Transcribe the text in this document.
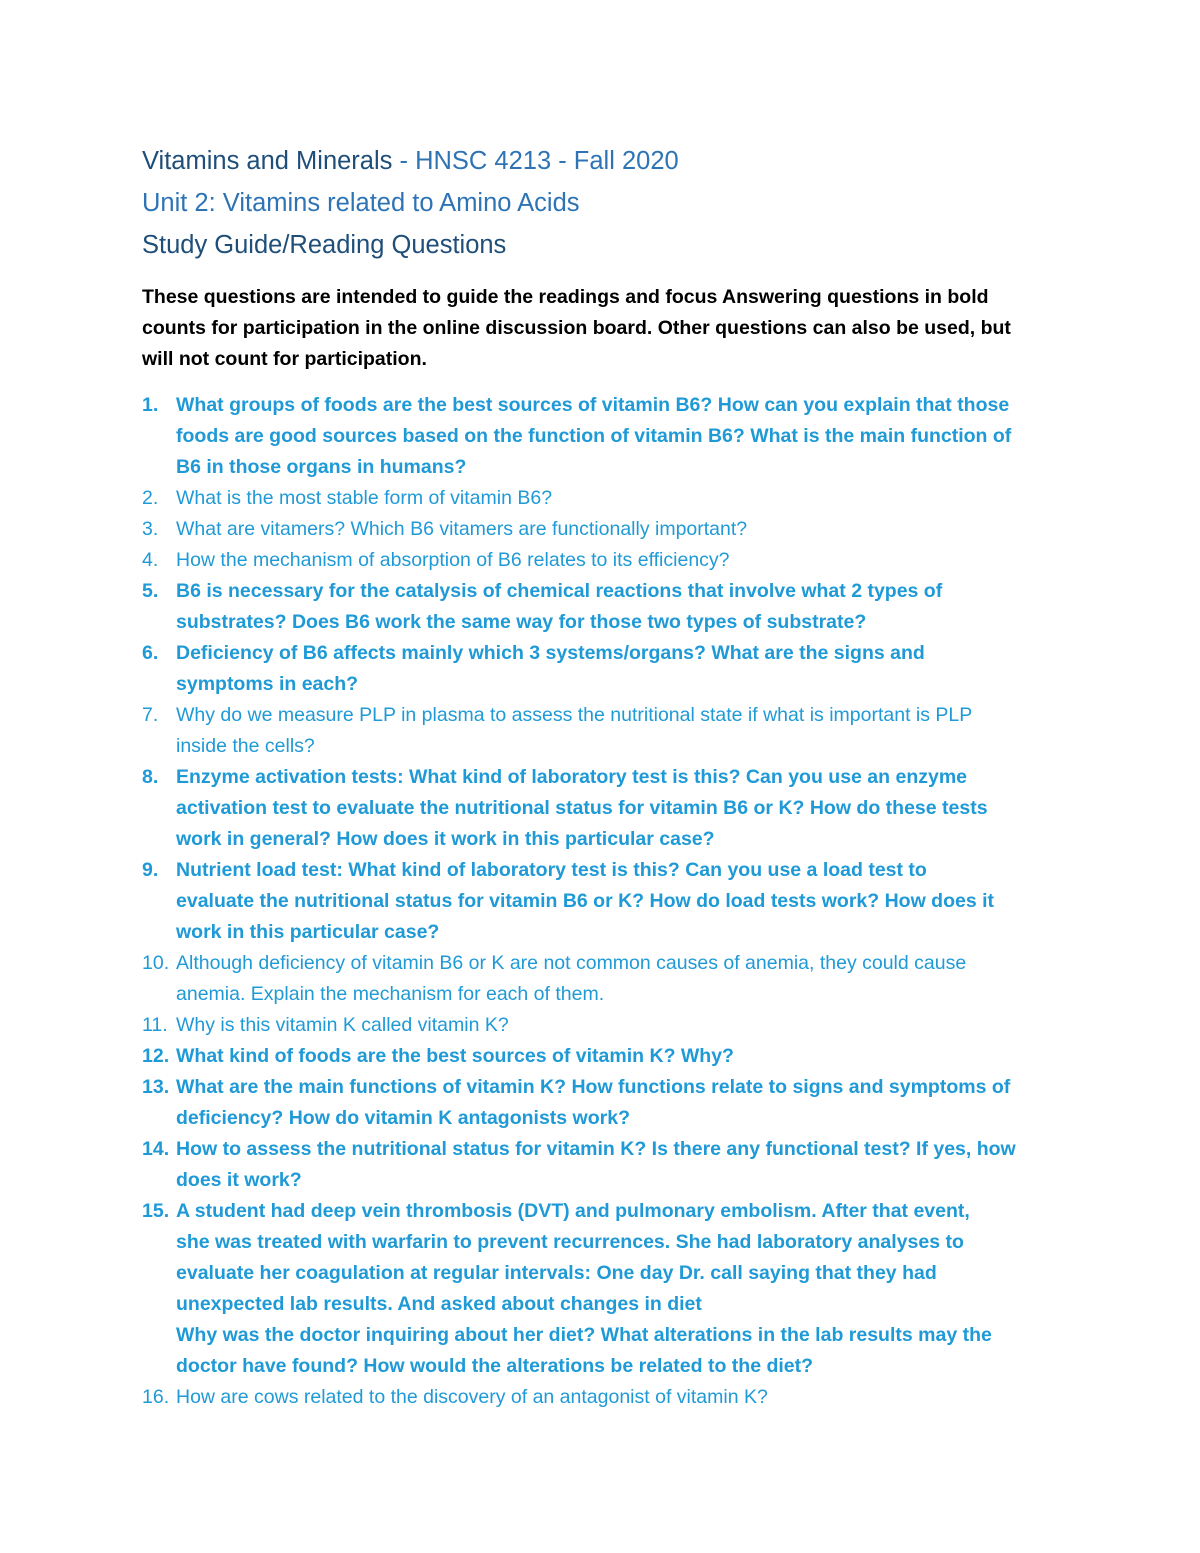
Vitamins and Minerals - HNSC 4213 - Fall 2020
Unit 2: Vitamins related to Amino Acids
Study Guide/Reading Questions
These questions are intended to guide the readings and focus Answering questions in bold
counts for participation in the online discussion board. Other questions can also be used, but
will not count for participation.
1. What groups of foods are the best sources of vitamin B6? How can you explain that those
foods are good sources based on the function of vitamin B6? What is the main function of
B6 in those organs in humans?
2. What is the most stable form of vitamin B6?
3. What are vitamers? Which B6 vitamers are functionally important?
4. How the mechanism of absorption of B6 relates to its efficiency?
5. B6 is necessary for the catalysis of chemical reactions that involve what 2 types of
substrates? Does B6 work the same way for those two types of substrate?
6. Deficiency of B6 affects mainly which 3 systems/organs? What are the signs and
symptoms in each?
7. Why do we measure PLP in plasma to assess the nutritional state if what is important is PLP
inside the cells?
8. Enzyme activation tests: What kind of laboratory test is this? Can you use an enzyme
activation test to evaluate the nutritional status for vitamin B6 or K? How do these tests
work in general? How does it work in this particular case?
9. Nutrient load test: What kind of laboratory test is this? Can you use a load test to
evaluate the nutritional status for vitamin B6 or K? How do load tests work? How does it
work in this particular case?
10. Although deficiency of vitamin B6 or K are not common causes of anemia, they could cause
anemia. Explain the mechanism for each of them.
11. Why is this vitamin K called vitamin K?
12. What kind of foods are the best sources of vitamin K? Why?
13. What are the main functions of vitamin K? How functions relate to signs and symptoms of
deficiency? How do vitamin K antagonists work?
14. How to assess the nutritional status for vitamin K? Is there any functional test? If yes, how
does it work?
15. A student had deep vein thrombosis (DVT) and pulmonary embolism. After that event,
she was treated with warfarin to prevent recurrences. She had laboratory analyses to
evaluate her coagulation at regular intervals: One day Dr. call saying that they had
unexpected lab results. And asked about changes in diet
Why was the doctor inquiring about her diet? What alterations in the lab results may the
doctor have found? How would the alterations be related to the diet?
16. How are cows related to the discovery of an antagonist of vitamin K?
